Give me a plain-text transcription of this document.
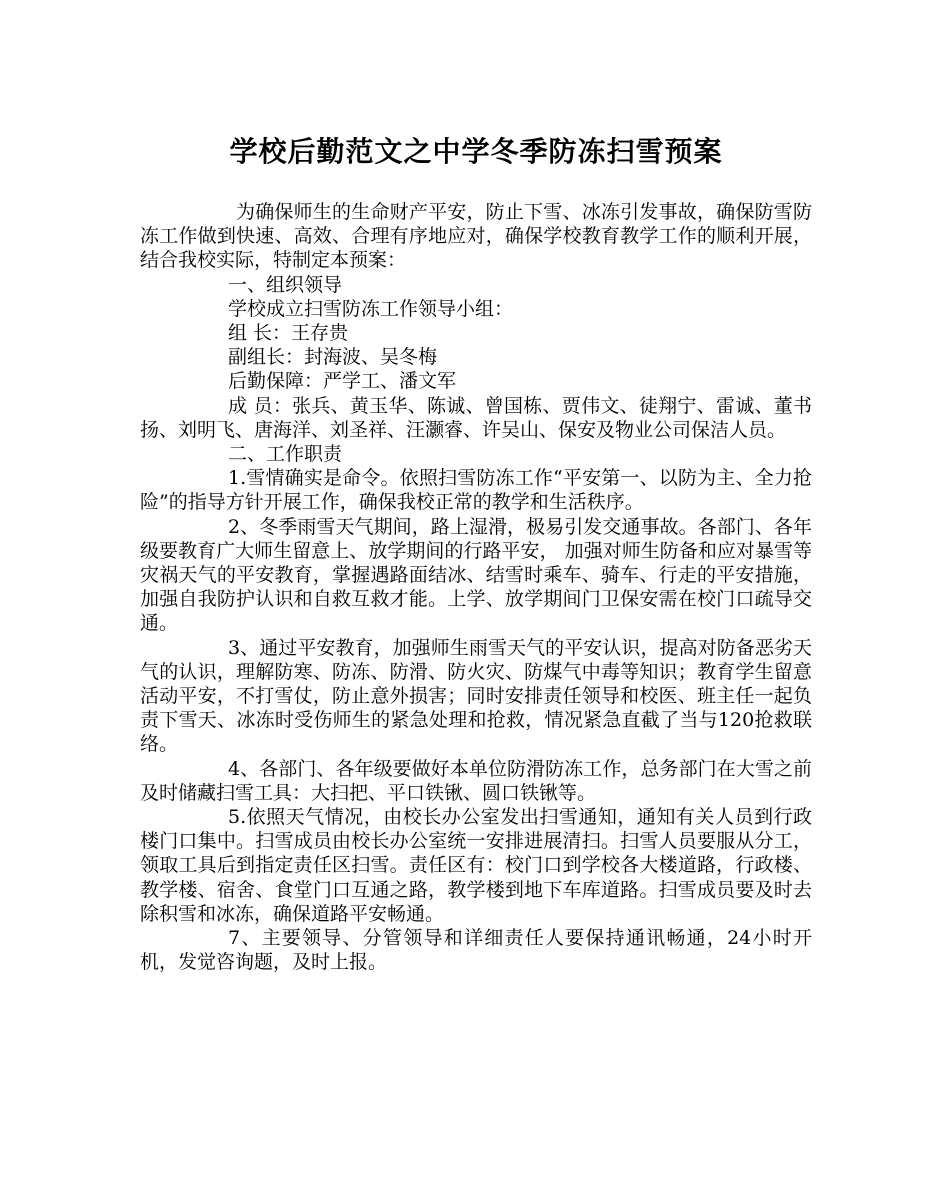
学校后勤范文之中学冬季防冻扫雪预案

为确保师生的生命财产平安，防止下雪、冰冻引发事故，确保防雪防冻工作做到快速、高效、合理有序地应对，确保学校教育教学工作的顺利开展，结合我校实际，特制定本预案：

一、组织领导

学校成立扫雪防冻工作领导小组：

组 长：王存贵

副组长：封海波、吴冬梅

后勤保障：严学工、潘文军

成 员：张兵、黄玉华、陈诚、曾国栋、贾伟文、徒翔宁、雷诚、董书扬、刘明飞、唐海洋、刘圣祥、汪灏睿、许吴山、保安及物业公司保洁人员。

二、工作职责

1.雪情确实是命令。依照扫雪防冻工作“平安第一、以防为主、全力抢险”的指导方针开展工作，确保我校正常的教学和生活秩序。

2、冬季雨雪天气期间，路上湿滑，极易引发交通事故。各部门、各年级要教育广大师生留意上、放学期间的行路平安， 加强对师生防备和应对暴雪等灾祸天气的平安教育，掌握遇路面结冰、结雪时乘车、骑车、行走的平安措施，加强自我防护认识和自救互救才能。上学、放学期间门卫保安需在校门口疏导交通。

3、通过平安教育，加强师生雨雪天气的平安认识，提高对防备恶劣天气的认识，理解防寒、防冻、防滑、防火灾、防煤气中毒等知识；教育学生留意活动平安，不打雪仗，防止意外损害；同时安排责任领导和校医、班主任一起负责下雪天、冰冻时受伤师生的紧急处理和抢救，情况紧急直截了当与120抢救联络。

4、各部门、各年级要做好本单位防滑防冻工作，总务部门在大雪之前及时储藏扫雪工具：大扫把、平口铁锹、圆口铁锹等。

5.依照天气情况，由校长办公室发出扫雪通知，通知有关人员到行政楼门口集中。扫雪成员由校长办公室统一安排进展清扫。扫雪人员要服从分工，领取工具后到指定责任区扫雪。责任区有：校门口到学校各大楼道路，行政楼、教学楼、宿舍、食堂门口互通之路，教学楼到地下车库道路。扫雪成员要及时去除积雪和冰冻，确保道路平安畅通。

7、主要领导、分管领导和详细责任人要保持通讯畅通，24小时开机，发觉咨询题，及时上报。
